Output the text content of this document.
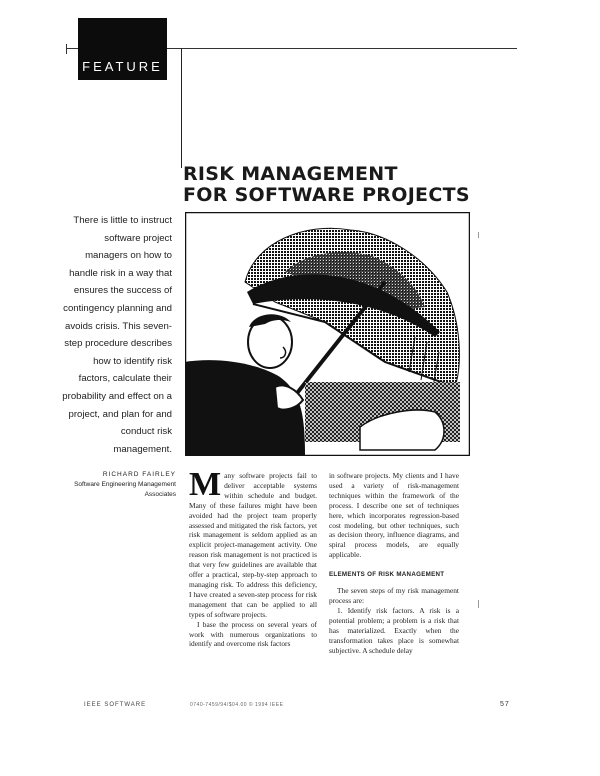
FEATURE
RISK MANAGEMENT
FOR SOFTWARE PROJECTS
There is little to instruct software project managers on how to handle risk in a way that ensures the success of contingency planning and avoids crisis. This seven-step procedure describes how to identify risk factors, calculate their probability and effect on a project, and plan for and conduct risk management.
RICHARD FAIRLEY
Software Engineering Management Associates Many software projects fail to deliver acceptable systems within schedule and budget. Many of these failures might have been avoided had the project team properly assessed and mitigated the risk factors, yet risk management is seldom applied as an explicit project-management activity. One reason risk management is not practiced is that very few guidelines are available that offer a practical, step-by-step approach to managing risk. To address this deficiency, I have created a seven-step process for risk management that can be applied to all types of software projects.

I base the process on several years of work with numerous organizations to identify and overcome risk factors

in software projects. My clients and I have used a variety of risk-management techniques within the framework of the process. I describe one set of techniques here, which incorporates regression-based cost modeling, but other techniques, such as decision theory, influence diagrams, and spiral process models, are equally applicable.

ELEMENTS OF RISK MANAGEMENT

The seven steps of my risk management process are:

1. Identify risk factors. A risk is a potential problem; a problem is a risk that has materialized. Exactly when the transformation takes place is somewhat subjective. A schedule delay

IEEE SOFTWARE	0740-7459/94/$04.00 © 1994 IEEE	57
